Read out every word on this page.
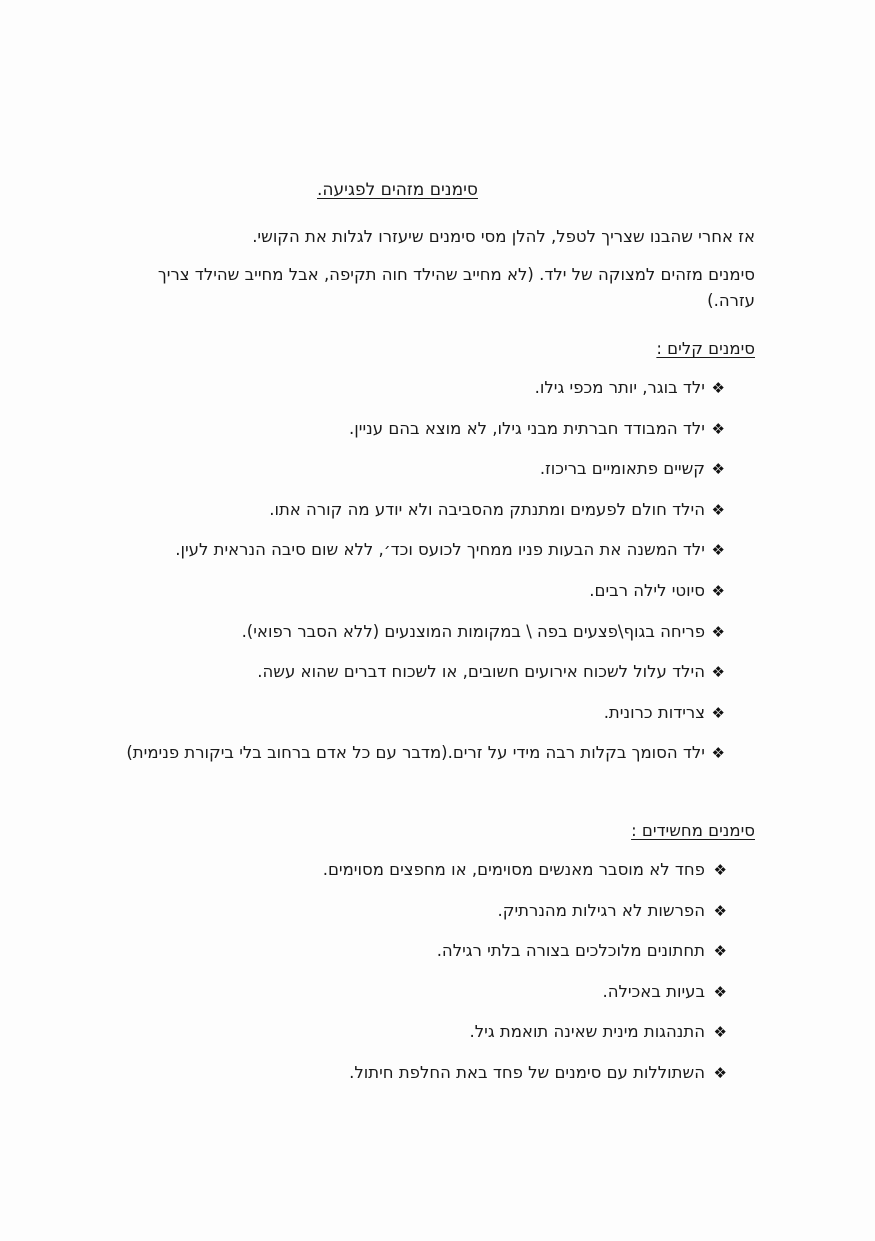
סימנים מזהים לפגיעה.
אז אחרי שהבנו שצריך לטפל, להלן מסי סימנים שיעזרו לגלות את הקושי.
סימנים מזהים למצוקה של ילד. (לא מחייב שהילד חוה תקיפה, אבל מחייב שהילד צריך עזרה.)
סימנים קלים :
❖
ילד בוגר, יותר מכפי גילו.
❖
ילד המבודד חברתית מבני גילו, לא מוצא בהם עניין.
❖
קשיים פתאומיים בריכוז.
❖
הילד חולם לפעמים ומתנתק מהסביבה ולא יודע מה קורה אתו.
❖
ילד המשנה את הבעות פניו ממחיך לכועס וכד׳, ללא שום סיבה הנראית לעין.
❖
סיוטי לילה רבים.
❖
פריחה בגוף\פצעים בפה \ במקומות המוצנעים (ללא הסבר רפואי).
❖
הילד עלול לשכוח אירועים חשובים, או לשכוח דברים שהוא עשה.
❖
צרידות כרונית.
❖
ילד הסומך בקלות רבה מידי על זרים.(מדבר עם כל אדם ברחוב בלי ביקורת פנימית)
סימנים מחשידים :
❖
פחד לא מוסבר מאנשים מסוימים, או מחפצים מסוימים.
❖
הפרשות לא רגילות מהנרתיק.
❖
תחתונים מלוכלכים בצורה בלתי רגילה.
❖
בעיות באכילה.
❖
התנהגות מינית שאינה תואמת גיל.
❖
השתוללות עם סימנים של פחד באת החלפת חיתול.
